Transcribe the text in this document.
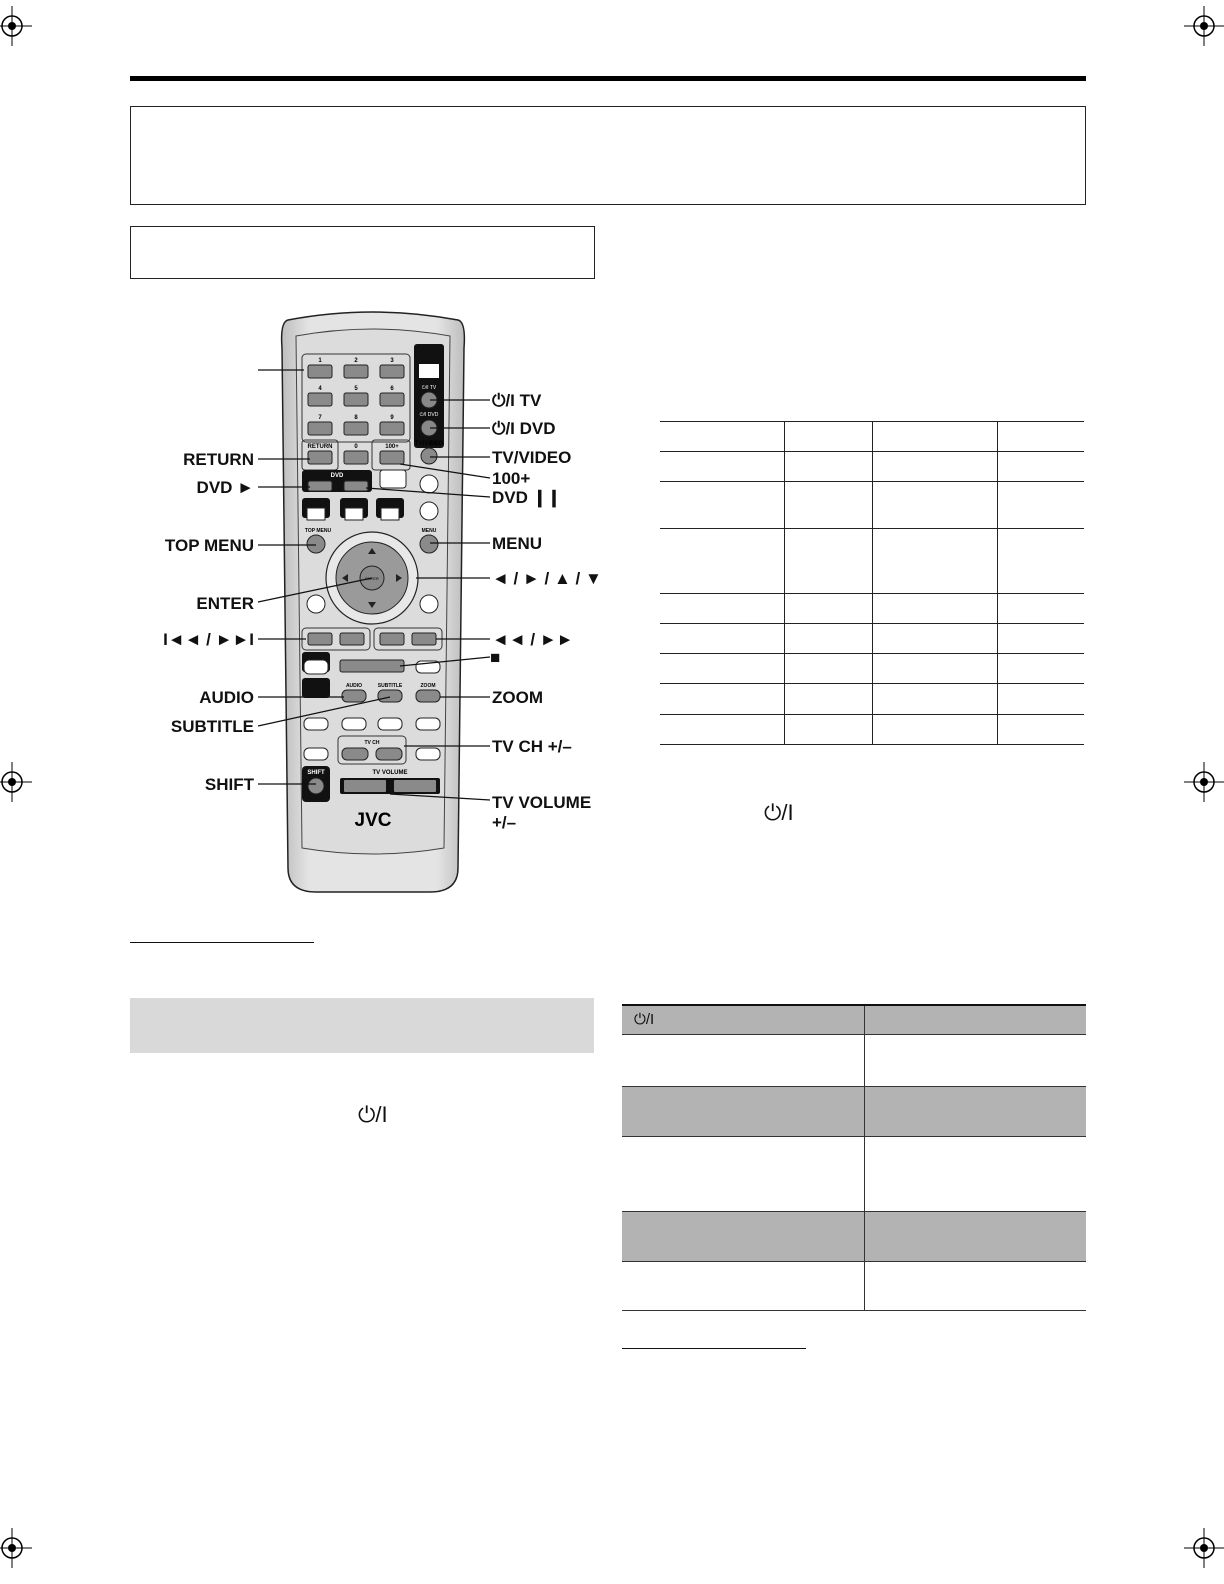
⏻/I TV
⏻/I DVD
1	2	3
4	5	6
7	8	9
RETURN	0	100+	TV/VIDEO
DVD
TOP MENU	MENU
ENTER
AUDIO	SUBTITLE	ZOOM
TV CH
SHIFT	TV VOLUME
JVC
RETURN
DVD ►
TOP MENU
ENTER
I◄◄ / ►►I
AUDIO
SUBTITLE
SHIFT
⏻/I TV
⏻/I DVD
TV/VIDEO
100+
DVD ❙❙
MENU
◄ / ► / ▲ / ▼
◄◄ / ►►
■
ZOOM
TV CH +/–
TV VOLUME
+/–
⏻/I

⏻/I
⏻/I	
